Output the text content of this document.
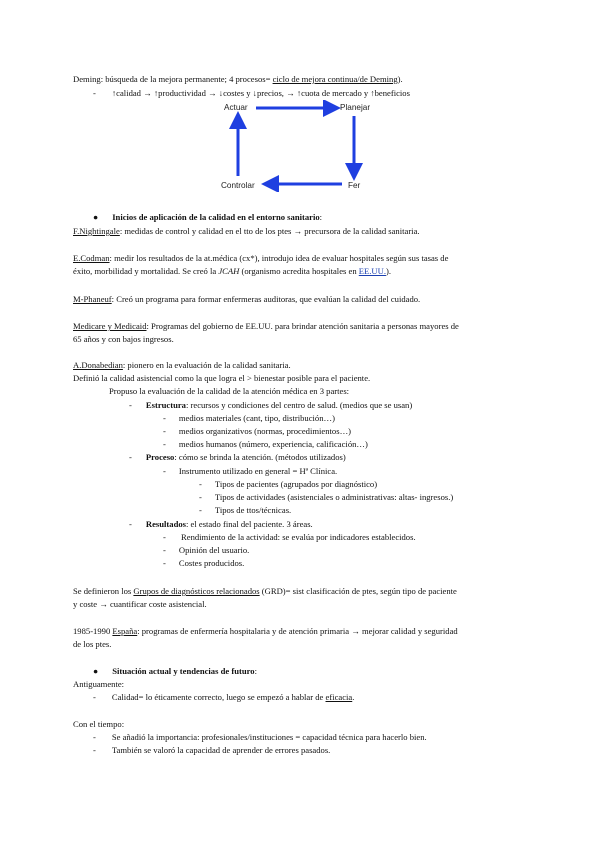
Deming: búsqueda de la mejora permanente; 4 procesos= ciclo de mejora continua/de Deming).
- ↑calidad → ↑productividad → ↓costes y ↓precios, → ↑cuota de mercado y ↑beneficios
Actuar	Planejar
Controlar	Fer
● Inicios de aplicación de la calidad en el entorno sanitario:
F.Nightingale: medidas de control y calidad en el tto de los ptes → precursora de la calidad sanitaria.
E.Codman: medir los resultados de la at.médica (cx*), introdujo idea de evaluar hospitales según sus tasas de
éxito, morbilidad y mortalidad. Se creó la JCAH (organismo acredita hospitales en EE.UU.).
M-Phaneuf: Creó un programa para formar enfermeras auditoras, que evalúan la calidad del cuidado.
Medicare y Medicaid: Programas del gobierno de EE.UU. para brindar atención sanitaria a personas mayores de
65 años y con bajos ingresos.
A.Donabedian: pionero en la evaluación de la calidad sanitaria.
Definió la calidad asistencial como la que logra el > bienestar posible para el paciente.
Propuso la evaluación de la calidad de la atención médica en 3 partes:
- Estructura: recursos y condiciones del centro de salud. (medios que se usan)
- medios materiales (cant, tipo, distribución…)
- medios organizativos (normas, procedimientos…)
- medios humanos (número, experiencia, calificación…)
- Proceso: cómo se brinda la atención. (métodos utilizados)
- Instrumento utilizado en general = Hª Clínica.
- Tipos de pacientes (agrupados por diagnóstico)
- Tipos de actividades (asistenciales o administrativas: altas- ingresos.)
- Tipos de ttos/técnicas.
- Resultados: el estado final del paciente. 3 áreas.
- Rendimiento de la actividad: se evalúa por indicadores establecidos.
- Opinión del usuario.
- Costes producidos.
Se definieron los Grupos de diagnósticos relacionados (GRD)= sist clasificación de ptes, según tipo de paciente
y coste → cuantificar coste asistencial.
1985-1990 España: programas de enfermería hospitalaria y de atención primaria → mejorar calidad y seguridad
de los ptes.
● Situación actual y tendencias de futuro:
Antiguamente:
- Calidad= lo éticamente correcto, luego se empezó a hablar de eficacia.
Con el tiempo:
- Se añadió la importancia: profesionales/instituciones = capacidad técnica para hacerlo bien.
- También se valoró la capacidad de aprender de errores pasados.
